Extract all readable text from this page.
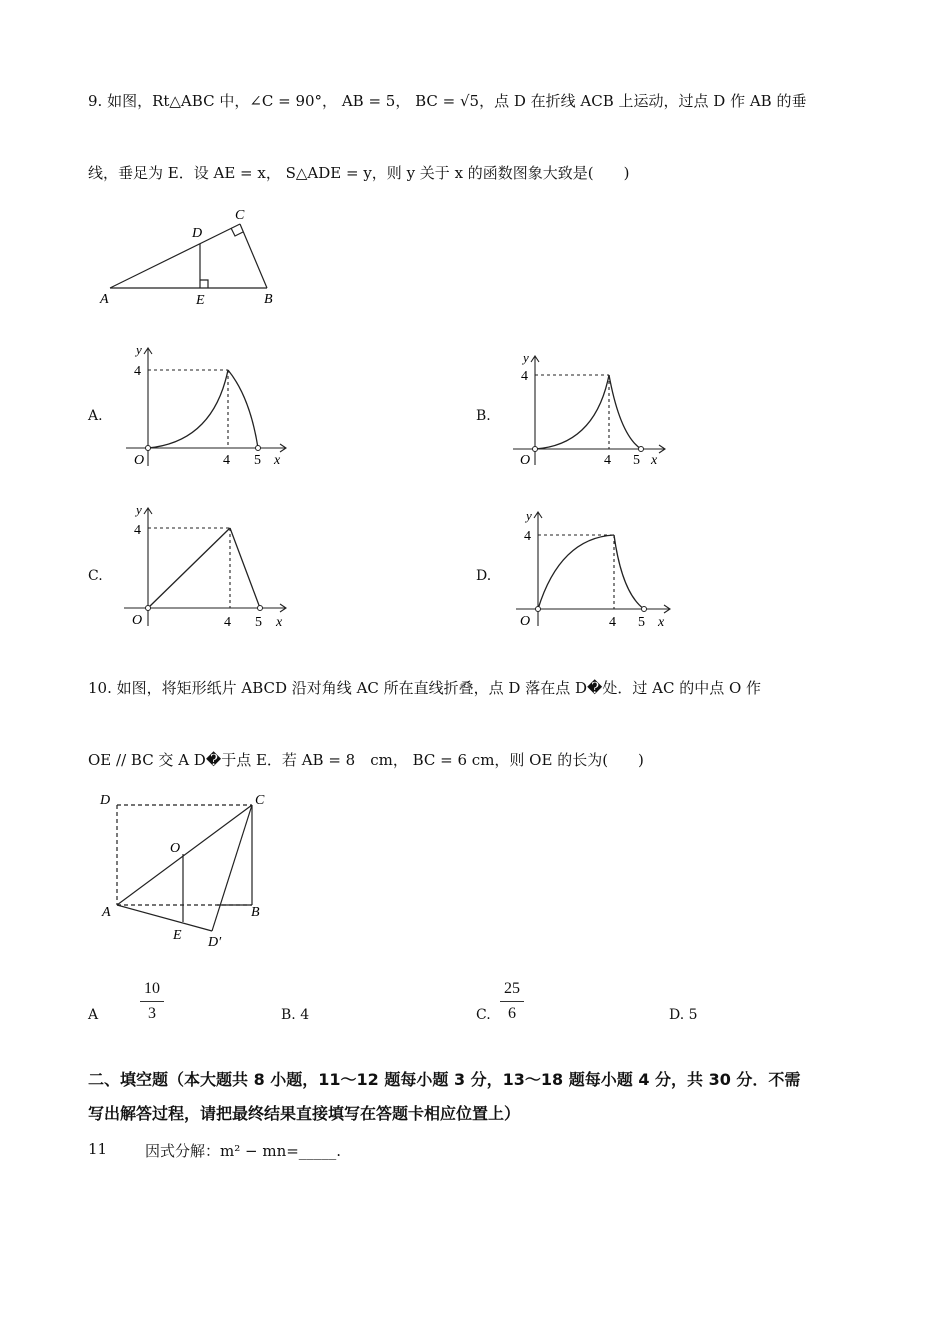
9. 如图，Rt△ABC 中，∠C = 90°， AB = 5， BC = √5，点 D 在折线 ACB 上运动，过点 D 作 AB 的垂
线，垂足为 E．设 AE = x， S△ADE = y，则 y 关于 x 的函数图象大致是(　　)
A	E	B
D
C
A.	B.
C.	D.
y
4
O	4 5 x
y
4
O	4 5 x
y
4
O	4 5 x
y
4
O	4 5 x
10. 如图，将矩形纸片 ABCD 沿对角线 AC 所在直线折叠，点 D 落在点 D�处．过 AC 的中点 O 作
OE // BC 交 A D�于点 E．若 AB = 8　cm， BC = 6 cm，则 OE 的长为(　　)
D	C
O
A	B
E D′
A
10
3	B. 4	C.
25
6	D. 5
二、填空题（本大题共 8 小题，11～12 题每小题 3 分，13～18 题每小题 4 分，共 30 分．不需
写出解答过程，请把最终结果直接填写在答题卡相应位置上）
11	因式分解：m² − mn=_____.
